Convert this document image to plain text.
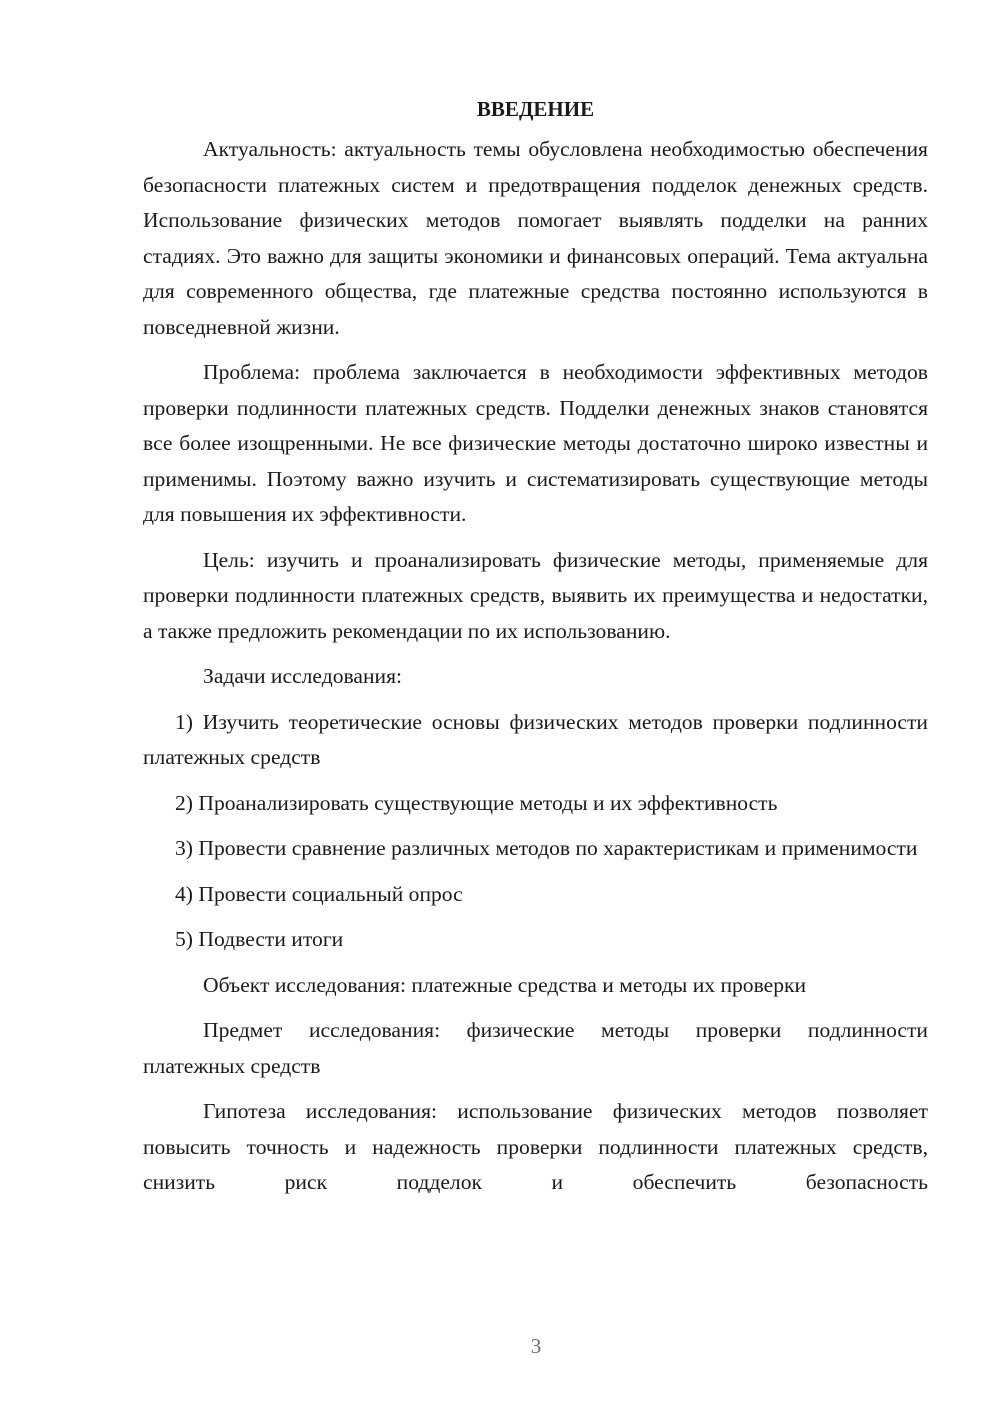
ВВЕДЕНИЕ

Актуальность: актуальность темы обусловлена необходимостью обеспечения безопасности платежных систем и предотвращения подделок денежных средств. Использование физических методов помогает выявлять подделки на ранних стадиях. Это важно для защиты экономики и финансовых операций. Тема актуальна для современного общества, где платежные средства постоянно используются в повседневной жизни.

Проблема: проблема заключается в необходимости эффективных методов проверки подлинности платежных средств. Подделки денежных знаков становятся все более изощренными. Не все физические методы достаточно широко известны и применимы. Поэтому важно изучить и систематизировать существующие методы для повышения их эффективности.

Цель: изучить и проанализировать физические методы, применяемые для проверки подлинности платежных средств, выявить их преимущества и недостатки, а также предложить рекомендации по их использованию.

Задачи исследования:

1) Изучить теоретические основы физических методов проверки подлинности платежных средств

2) Проанализировать существующие методы и их эффективность

3) Провести сравнение различных методов по характеристикам и применимости

4) Провести социальный опрос

5) Подвести итоги

Объект исследования: платежные средства и методы их проверки

Предмет исследования: физические методы проверки подлинности платежных средств

Гипотеза исследования: использование физических методов позволяет повысить точность и надежность проверки подлинности платежных средств, снизить риск подделок и обеспечить безопасность

3
